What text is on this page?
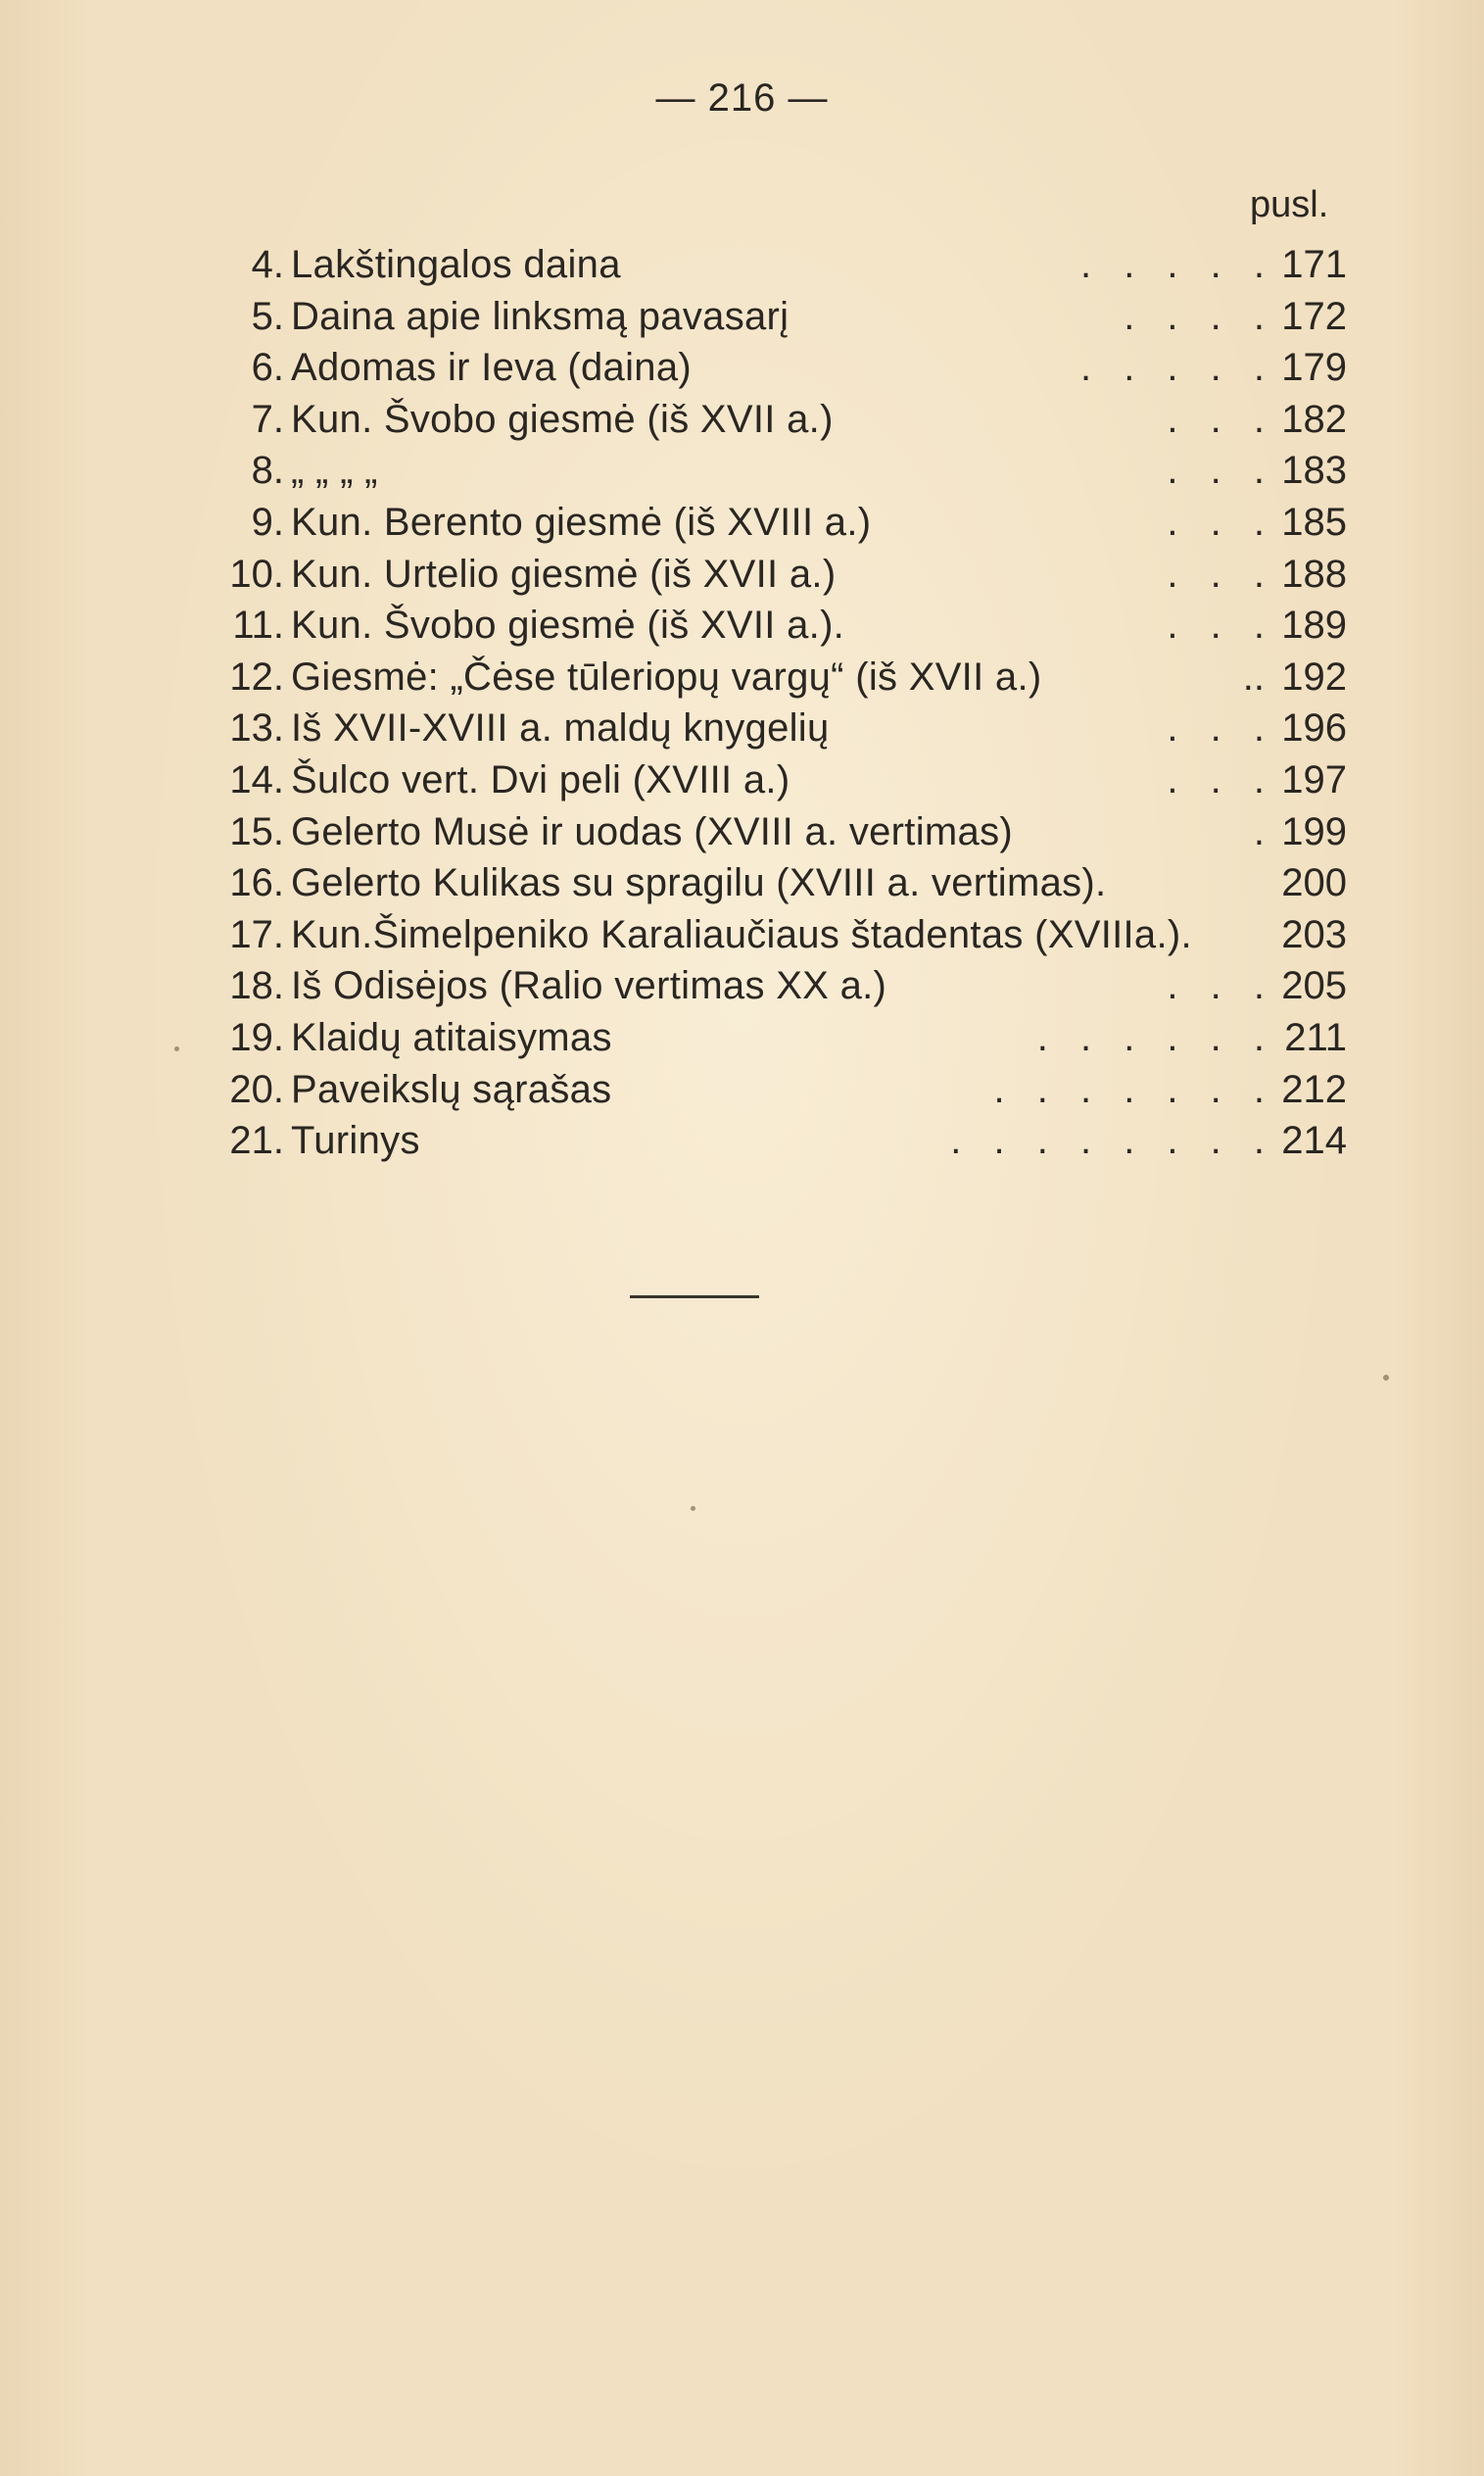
— 216 —
pusl.
4. Lakštingalos daina	. . . . . 171
5. Daina apie linksmą pavasarį	. . . . 172
6. Adomas ir Ieva (daina)	. . . . . 179
7. Kun. Švobo giesmė (iš XVII a.)	. . . 182
8. „ „ „ „	. . . 183
9. Kun. Berento giesmė (iš XVIII a.)	. . . 185
10. Kun. Urtelio giesmė (iš XVII a.)	. . . 188
11. Kun. Švobo giesmė (iš XVII a.).	. . . 189
12. Giesmė: „Čėse tūleriopų vargų“ (iš XVII a.)	.. 192
13. Iš XVII-XVIII a. maldų knygelių	. . . 196
14. Šulco vert. Dvi peli (XVIII a.)	. . . 197
15. Gelerto Musė ir uodas (XVIII a. vertimas)	. 199
16. Gelerto Kulikas su spragilu (XVIII a. vertimas).	200
17. Kun.Šimelpeniko Karaliaučiaus štadentas (XVIIIa.). 203
18. Iš Odisėjos (Ralio vertimas XX a.)	. . . 205
19. Klaidų atitaisymas	. . . . . . 211
20. Paveikslų sąrašas	. . . . . . . 212
21. Turinys	. . . . . . . . 214
